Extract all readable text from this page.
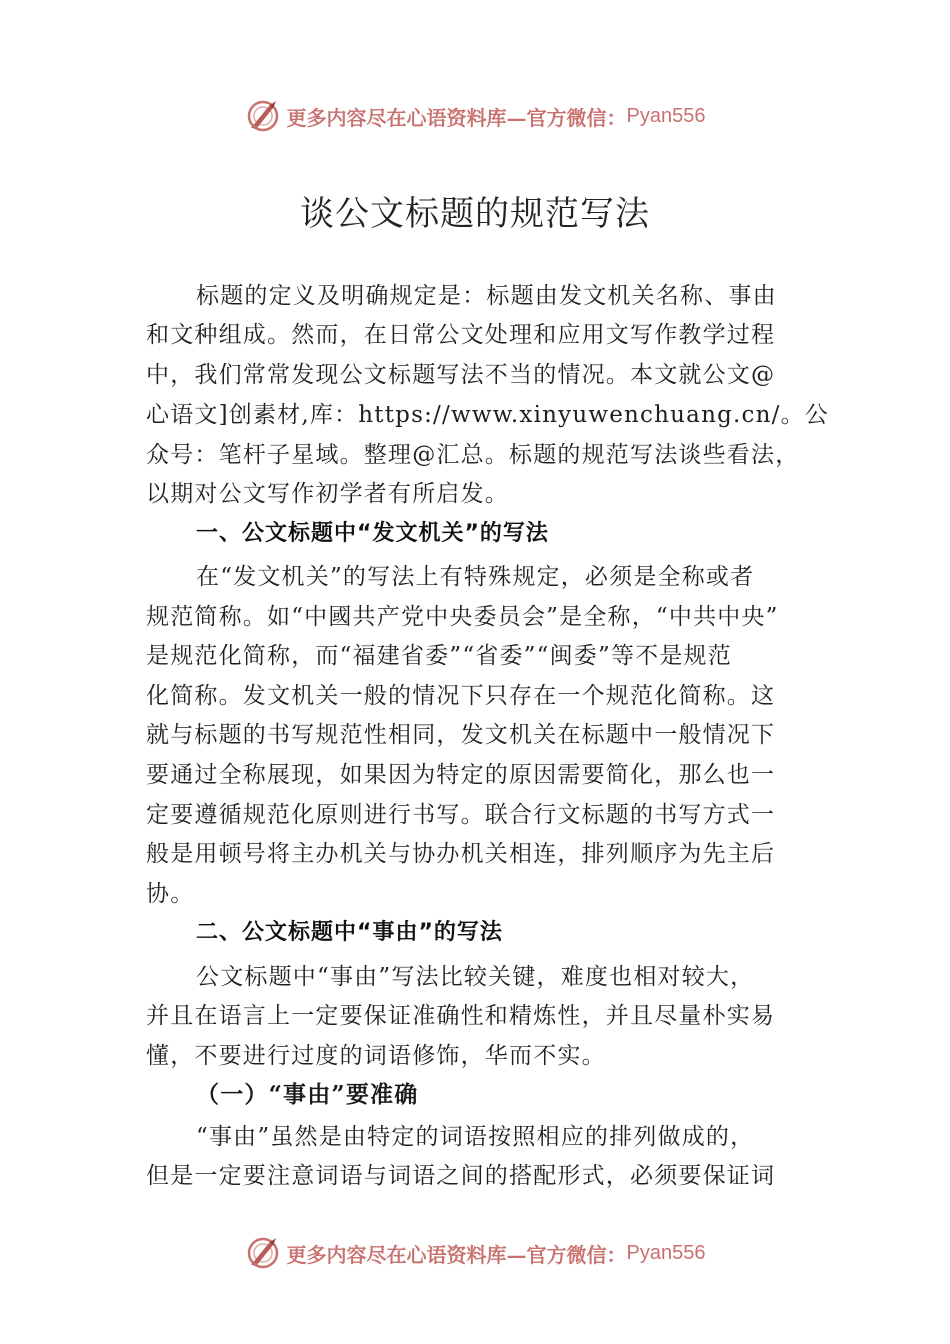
更多内容尽在心语资料库—官方微信： Pyan556
谈公文标题的规范写法
标题的定义及明确规定是：标题由发文机关名称、事由
和文种组成。然而，在日常公文处理和应用文写作教学过程
中，我们常常发现公文标题写法不当的情况。本文就公文@
心语文]创素材,库：https://www.xinyuwenchuang.cn/。公
众号：笔杆子星域。整理@汇总。标题的规范写法谈些看法，
以期对公文写作初学者有所启发。
一、公文标题中“发文机关”的写法
在“发文机关”的写法上有特殊规定，必须是全称或者
规范简称。如“中國共产党中央委员会”是全称，“中共中央”
是规范化简称，而“福建省委”“省委”“闽委”等不是规范
化简称。发文机关一般的情况下只存在一个规范化简称。这
就与标题的书写规范性相同，发文机关在标题中一般情况下
要通过全称展现，如果因为特定的原因需要简化，那么也一
定要遵循规范化原则进行书写。联合行文标题的书写方式一
般是用顿号将主办机关与协办机关相连，排列顺序为先主后
协。
二、公文标题中“事由”的写法
公文标题中“事由”写法比较关键，难度也相对较大，
并且在语言上一定要保证准确性和精炼性，并且尽量朴实易
懂，不要进行过度的词语修饰，华而不实。
（一）“事由”要准确
“事由”虽然是由特定的词语按照相应的排列做成的，
但是一定要注意词语与词语之间的搭配形式，必须要保证词
更多内容尽在心语资料库—官方微信： Pyan556
